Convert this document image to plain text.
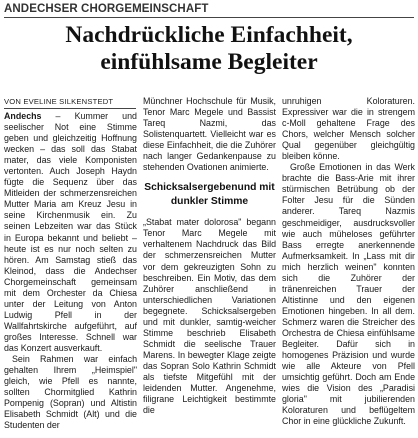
ANDECHSER CHORGEMEINSCHAFT
Nachdrückliche Einfachheit,
einfühlsame Begleiter
VON EVELINE SILKENSTEDT

Andechs – Kummer und seelischer Not eine Stimme geben und gleichzeitig Hoffnung wecken – das soll das Stabat mater, das viele Komponisten vertonten. Auch Joseph Haydn fügte die Sequenz über das Mitleiden der schmerzensreichen Mutter Maria am Kreuz Jesu in seine Kirchenmusik ein. Zu seinen Lebzeiten war das Stück in Europa bekannt und beliebt – heute ist es nur noch selten zu hören. Am Samstag stieß das Kleinod, dass die Andechser Chorgemeinschaft gemeinsam mit dem Orchester da Chiesa unter der Leitung von Anton Ludwig Pfell in der Wallfahrtskirche aufgeführt, auf großes Interesse. Schnell war das Konzert ausverkauft.

Sein Rahmen war einfach gehalten Ihrem „Heimspiel" gleich, wie Pfell es nannte, sollten Chormitglied Kathrin Pompenig (Sopran) und Altistin Elisabeth Schmidt (Alt) und die Studenten der

Münchner Hochschule für Musik, Tenor Marc Megele und Bassist Tareq Nazmi, das Solistenquartett. Vielleicht war es diese Einfachheit, die die Zuhörer nach langer Gedankenpause zu stehenden Ovationen animierte.

Schicksalsergebenund mit dunkler Stimme

„Stabat mater dolorosa" begann Tenor Marc Megele mit verhaltenem Nachdruck das Bild der schmerzensreichen Mutter vor dem gekreuzigten Sohn zu beschreiben. Ein Motiv, das dem Zuhörer anschließend in unterschiedlichen Variationen begegnete. Schicksalsergeben und mit dunkler, samtig-weicher Stimme beschrieb Elisabeth Schmidt die seelische Trauer Marens. In bewegter Klage zeigte das Sopran Solo Kathrin Schmidt als tiefste Mitgefühl mit der leidenden Mutter. Angenehme, filigrane Leichtigkeit bestimmte die

unruhigen Koloraturen. Expressiver war die in strengem c-Moll gehaltene Frage des Chors, welcher Mensch solcher Qual gegenüber gleichgültig bleiben könne.

Große Emotionen in das Werk brachte die Bass-Arie mit ihrer stürmischen Betrübung ob der Folter Jesu für die Sünden anderer. Tareq Nazmis geschmeidiger, ausdrucksvoller wie auch müheloses geführter Bass erregte anerkennende Aufmerksamkeit. In „Lass mit dir mich herzlich weinen" konnten sich die Zuhörer der tränenreichen Trauer der Altistinne und den eigenen Emotionen hingeben. In all dem. Schmerz waren die Streicher des Orchestra de Chiesa einfühlsame Begleiter. Dafür sich in homogenes Präzision und wurde wie alle Akteure von Pfell umsichtig geführt. Doch am Ende wies die Vision des „Paradisi gloria" mit jubilierenden Koloraturen und beflügeltem Chor in eine glückliche Zukunft.
